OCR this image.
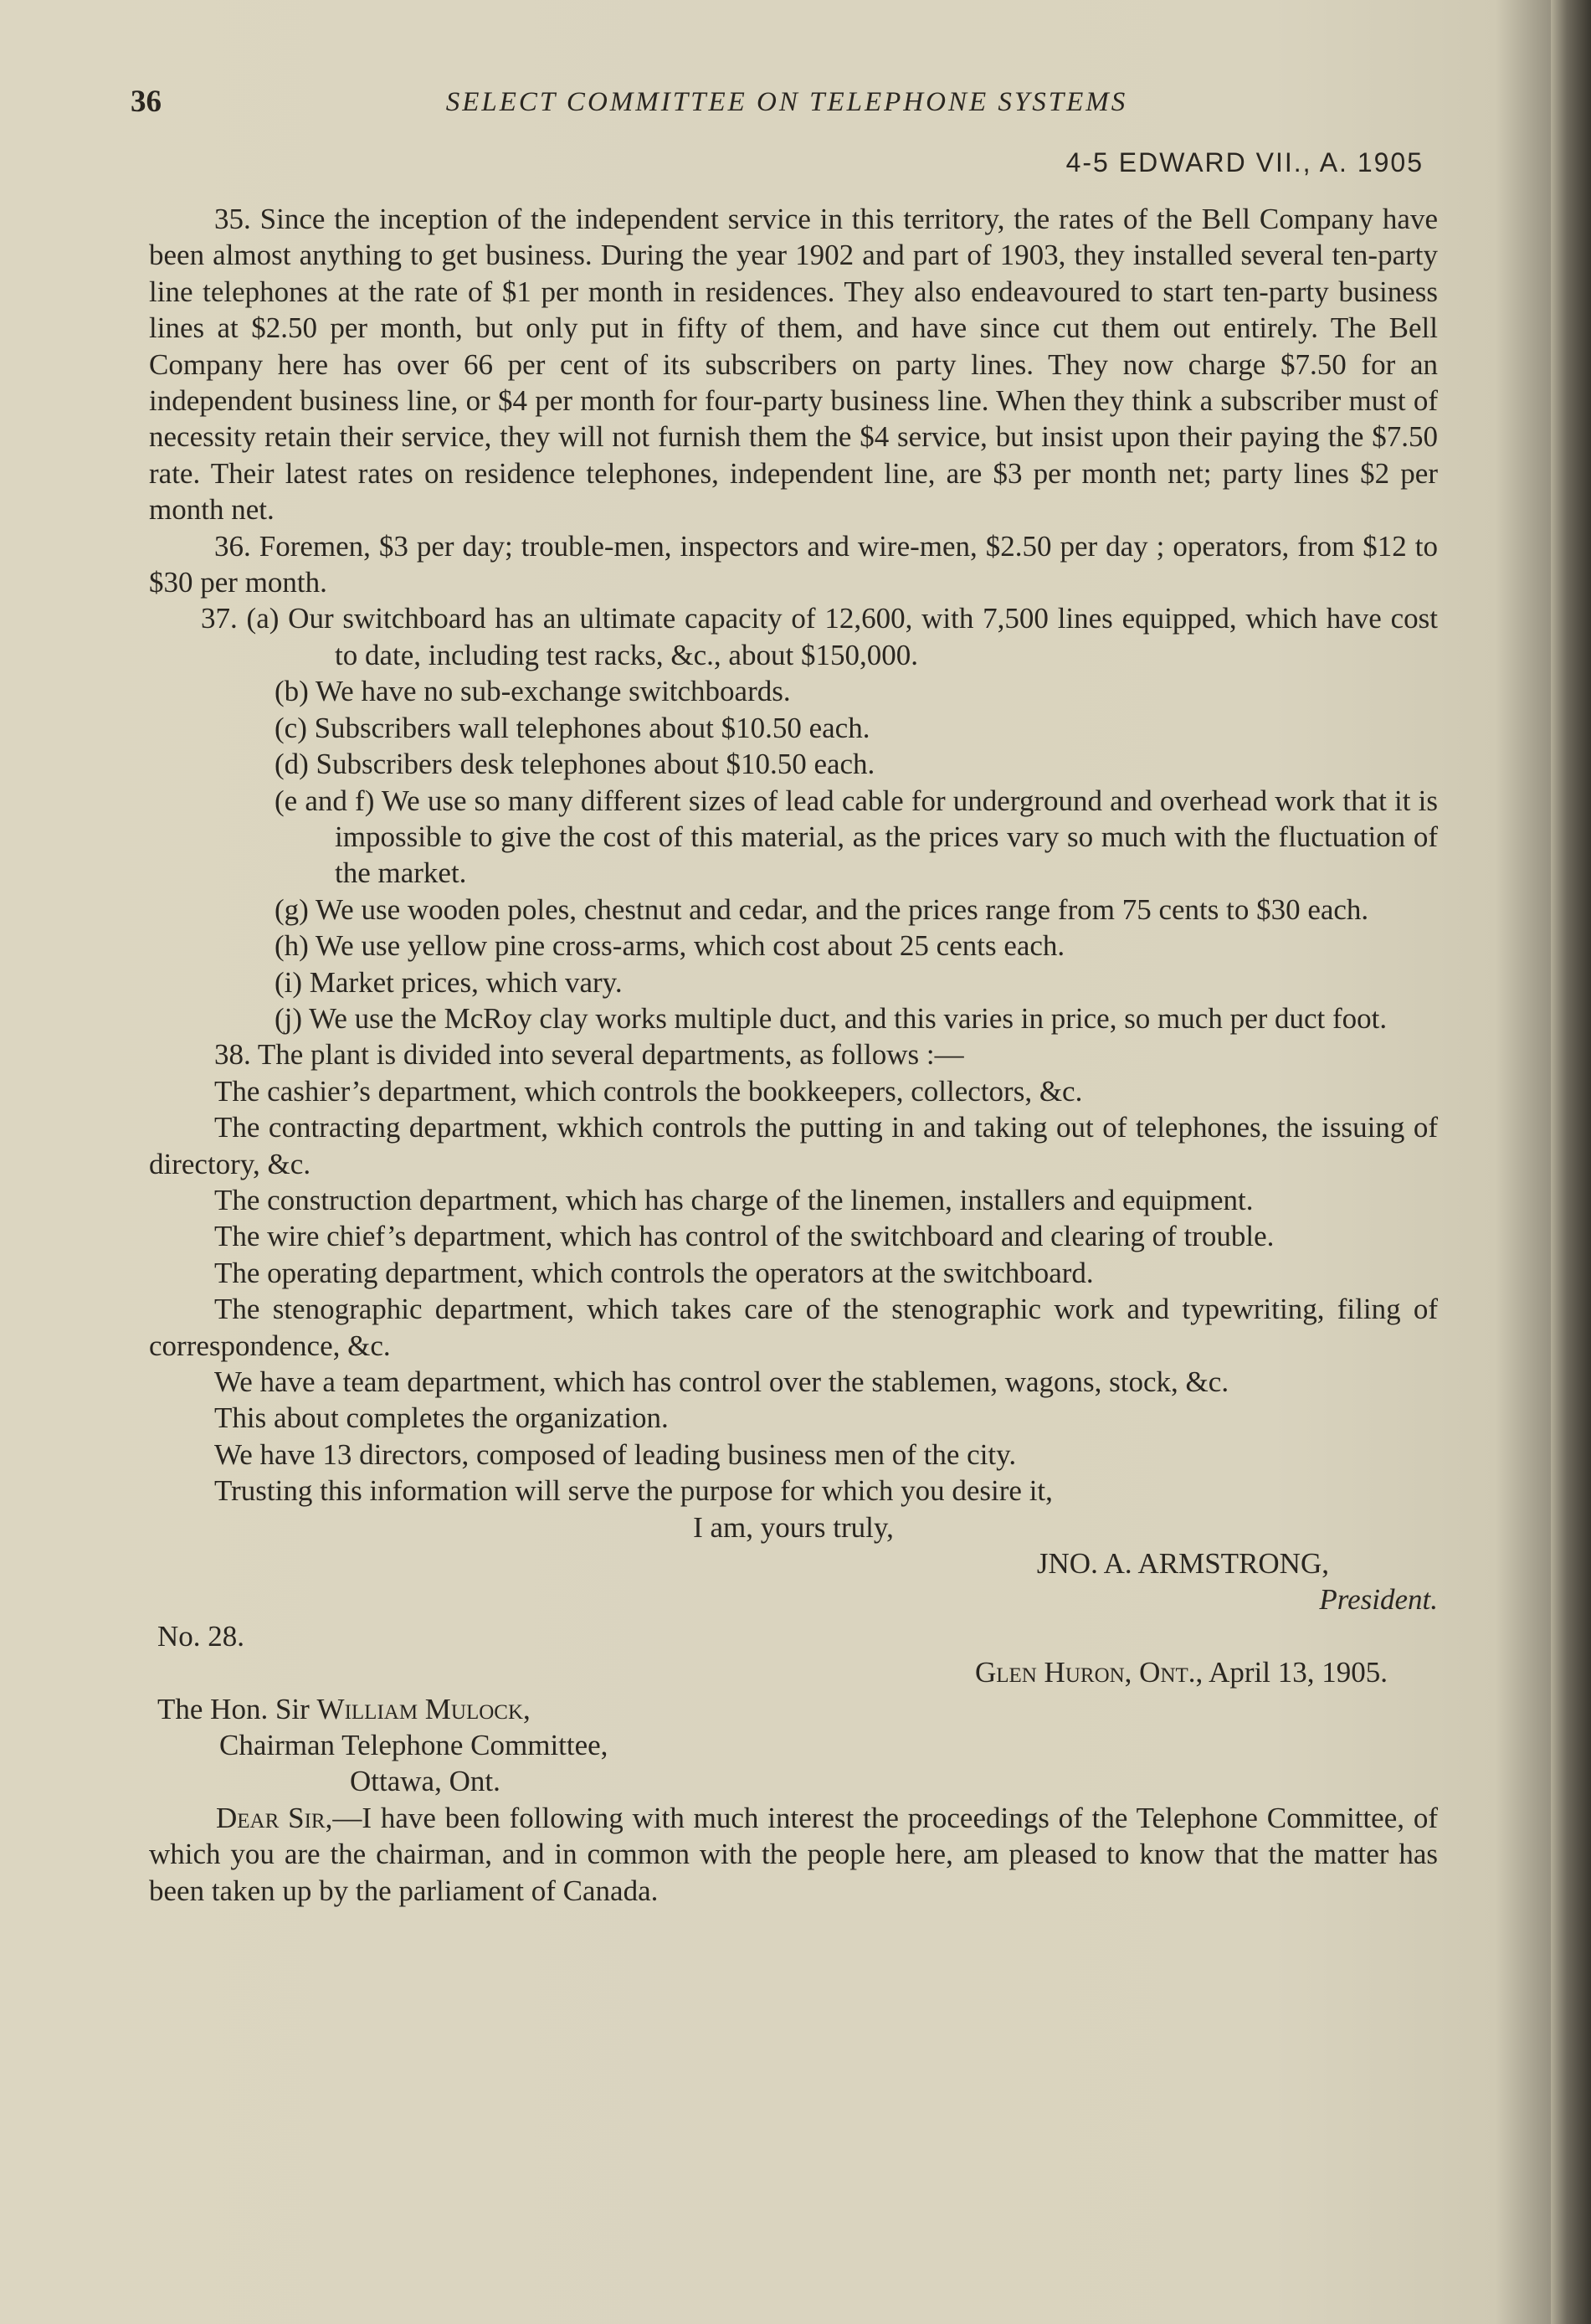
36	SELECT COMMITTEE ON TELEPHONE SYSTEMS
4-5 EDWARD VII., A. 1905

35. Since the inception of the independent service in this territory, the rates of the Bell Company have been almost anything to get business. During the year 1902 and part of 1903, they installed several ten-party line telephones at the rate of $1 per month in residences. They also endeavoured to start ten-party business lines at $2.50 per month, but only put in fifty of them, and have since cut them out entirely. The Bell Company here has over 66 per cent of its subscribers on party lines. They now charge $7.50 for an independent business line, or $4 per month for four-party business line. When they think a subscriber must of necessity retain their service, they will not furnish them the $4 service, but insist upon their paying the $7.50 rate. Their latest rates on residence telephones, independent line, are $3 per month net; party lines $2 per month net.

36. Foremen, $3 per day; trouble-men, inspectors and wire-men, $2.50 per day ; operators, from $12 to $30 per month.

37. (a) Our switchboard has an ultimate capacity of 12,600, with 7,500 lines equipped, which have cost to date, including test racks, &c., about $150,000.

(b) We have no sub-exchange switchboards.

(c) Subscribers wall telephones about $10.50 each.

(d) Subscribers desk telephones about $10.50 each.

(e and f) We use so many different sizes of lead cable for underground and overhead work that it is impossible to give the cost of this material, as the prices vary so much with the fluctuation of the market.

(g) We use wooden poles, chestnut and cedar, and the prices range from 75 cents to $30 each.

(h) We use yellow pine cross-arms, which cost about 25 cents each.

(i) Market prices, which vary.

(j) We use the McRoy clay works multiple duct, and this varies in price, so much per duct foot.

38. The plant is divided into several departments, as follows :—

The cashier’s department, which controls the bookkeepers, collectors, &c.

The contracting department, wkhich controls the putting in and taking out of telephones, the issuing of directory, &c.

The construction department, which has charge of the linemen, installers and equipment.

The wire chief’s department, which has control of the switchboard and clearing of trouble.

The operating department, which controls the operators at the switchboard.

The stenographic department, which takes care of the stenographic work and typewriting, filing of correspondence, &c.

We have a team department, which has control over the stablemen, wagons, stock, &c.

This about completes the organization.

We have 13 directors, composed of leading business men of the city.

Trusting this information will serve the purpose for which you desire it,

I am, yours truly,

JNO. A. ARMSTRONG,

President.

No. 28.

Glen Huron, Ont., April 13, 1905.

The Hon. Sir William Mulock,

Chairman Telephone Committee,

Ottawa, Ont.

Dear Sir,—I have been following with much interest the proceedings of the Telephone Committee, of which you are the chairman, and in common with the people here, am pleased to know that the matter has been taken up by the parliament of Canada.
